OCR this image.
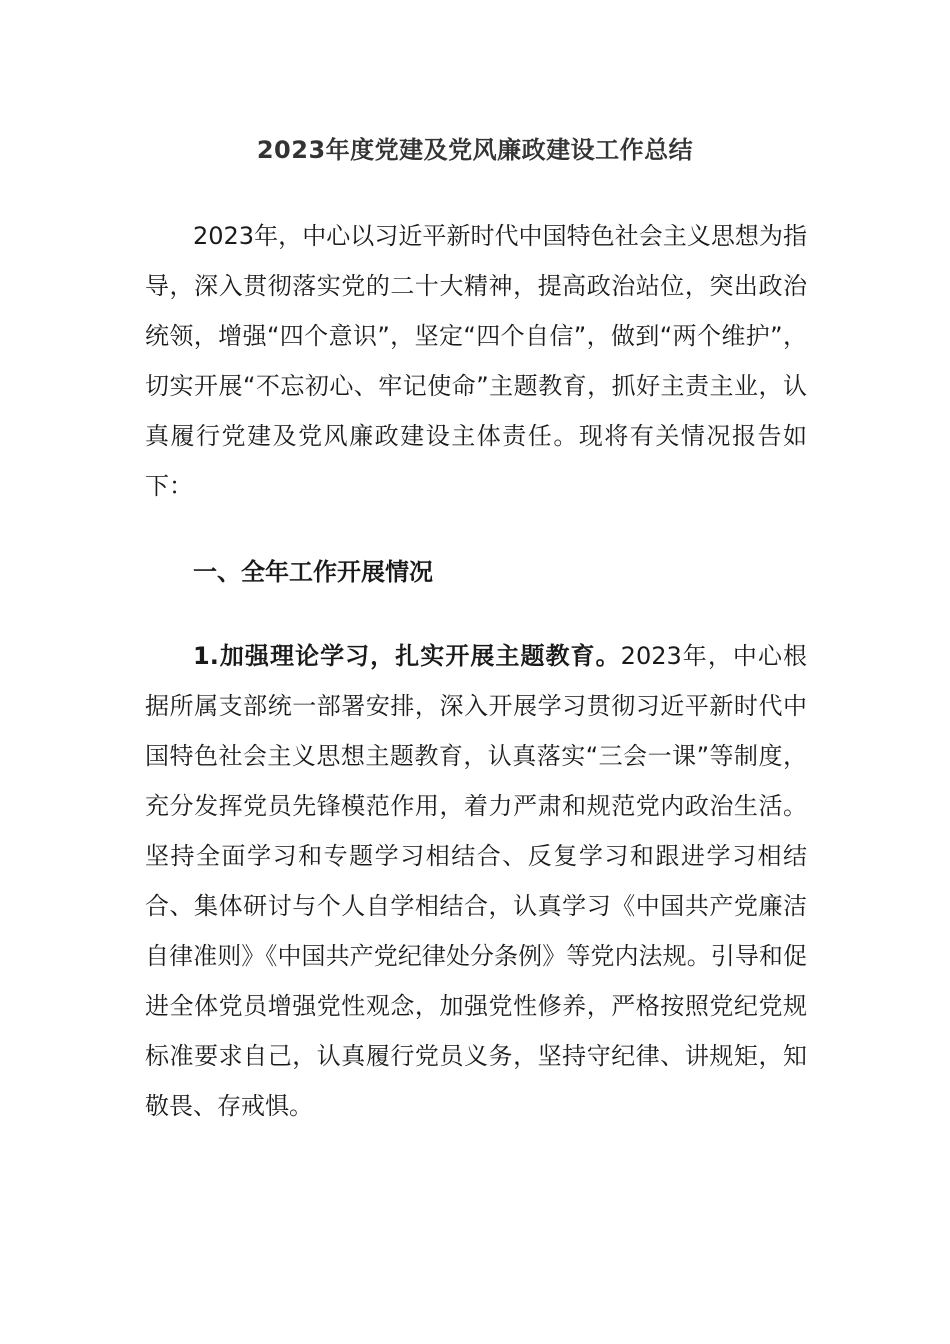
2023年度党建及党风廉政建设工作总结

2023年，中心以习近平新时代中国特色社会主义思想为指导，深入贯彻落实党的二十大精神，提高政治站位，突出政治统领，增强“四个意识”，坚定“四个自信”，做到“两个维护”，切实开展“不忘初心、牢记使命”主题教育，抓好主责主业，认真履行党建及党风廉政建设主体责任。现将有关情况报告如下：

一、全年工作开展情况

1.加强理论学习，扎实开展主题教育。2023年，中心根据所属支部统一部署安排，深入开展学习贯彻习近平新时代中国特色社会主义思想主题教育，认真落实“三会一课”等制度，充分发挥党员先锋模范作用，着力严肃和规范党内政治生活。坚持全面学习和专题学习相结合、反复学习和跟进学习相结合、集体研讨与个人自学相结合，认真学习《中国共产党廉洁自律准则》《中国共产党纪律处分条例》等党内法规。引导和促进全体党员增强党性观念，加强党性修养，严格按照党纪党规标准要求自己，认真履行党员义务，坚持守纪律、讲规矩，知敬畏、存戒惧。
